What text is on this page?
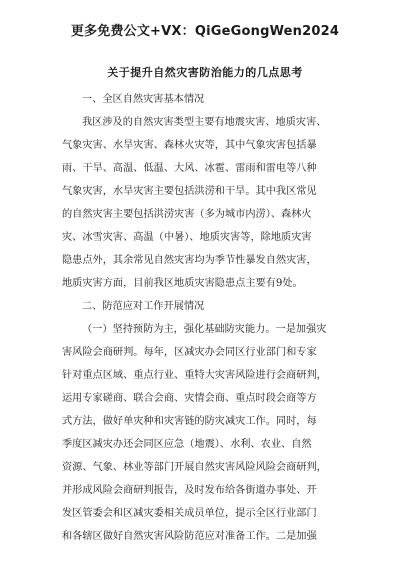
更多免费公文+VX：QiGeGongWen2024
关于提升自然灾害防治能力的几点思考
一、全区自然灾害基本情况
我区涉及的自然灾害类型主要有地震灾害、地质灾害、
气象灾害、水旱灾害、森林火灾等，其中气象灾害包括暴
雨、干旱、高温、低温、大风、冰雹、雷雨和雷电等八种
气象灾害，水旱灾害主要包括洪涝和干旱。其中我区常见
的自然灾害主要包括洪涝灾害（多为城市内涝）、森林火
灾、冰雪灾害、高温（中暑）、地质灾害等，除地质灾害
隐患点外，其余常见自然灾害均为季节性暴发自然灾害，
地质灾害方面，目前我区地质灾害隐患点主要有9处。
二、防范应对工作开展情况
（一）坚持预防为主，强化基础防灾能力。一是加强灾
害风险会商研判。每年，区减灾办会同区行业部门和专家
针对重点区域、重点行业、重特大灾害风险进行会商研判，
运用专家磋商、联合会商、灾情会商、重点时段会商等方
式方法，做好单灾种和灾害链的防灾减灾工作。同时，每
季度区减灾办还会同区应急（地震）、水利、农业、自然
资源、气象、林业等部门开展自然灾害风险风险会商研判，
并形成风险会商研判报告，及时发布给各街道办事处、开
发区管委会和区减灾委相关成员单位，提示全区行业部门
和各辖区做好自然灾害风险防范应对准备工作。二是加强
